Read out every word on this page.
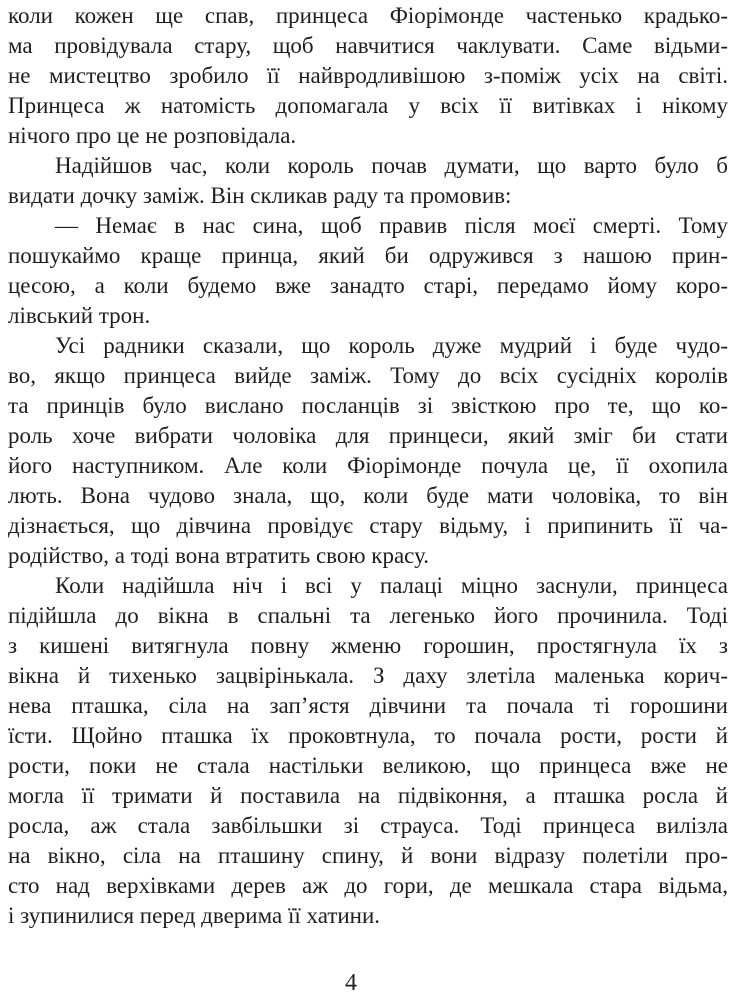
коли кожен ще спав, принцеса Фіорімонде частенько крадько-
ма провідувала стару, щоб навчитися чаклувати. Саме відьми-
не мистецтво зробило її найвродливішою з-поміж усіх на світі.
Принцеса ж натомість допомагала у всіх її витівках і нікому
нічого про це не розповідала.

Надійшов час, коли король почав думати, що варто було б
видати дочку заміж. Він скликав раду та промовив:

— Немає в нас сина, щоб правив після моєї смерті. Тому
пошукаймо краще принца, який би одружився з нашою прин-
цесою, а коли будемо вже занадто старі, передамо йому коро-
лівський трон.

Усі радники сказали, що король дуже мудрий і буде чудо-
во, якщо принцеса вийде заміж. Тому до всіх сусідніх королів
та принців було вислано посланців зі звісткою про те, що ко-
роль хоче вибрати чоловіка для принцеси, який зміг би стати
його наступником. Але коли Фіорімонде почула це, її охопила
лють. Вона чудово знала, що, коли буде мати чоловіка, то він
дізнається, що дівчина провідує стару відьму, і припинить її ча-
родійство, а тоді вона втратить свою красу.

Коли надійшла ніч і всі у палаці міцно заснули, принцеса
підійшла до вікна в спальні та легенько його прочинила. Тоді
з кишені витягнула повну жменю горошин, простягнула їх з
вікна й тихенько зацвірінькала. З даху злетіла маленька корич-
нева пташка, сіла на зап’ястя дівчини та почала ті горошини
їсти. Щойно пташка їх проковтнула, то почала рости, рости й
рости, поки не стала настільки великою, що принцеса вже не
могла її тримати й поставила на підвіконня, а пташка росла й
росла, аж стала завбільшки зі страуса. Тоді принцеса вилізла
на вікно, сіла на пташину спину, й вони відразу полетіли про-
сто над верхівками дерев аж до гори, де мешкала стара відьма,
і зупинилися перед дверима її хатини.

4
